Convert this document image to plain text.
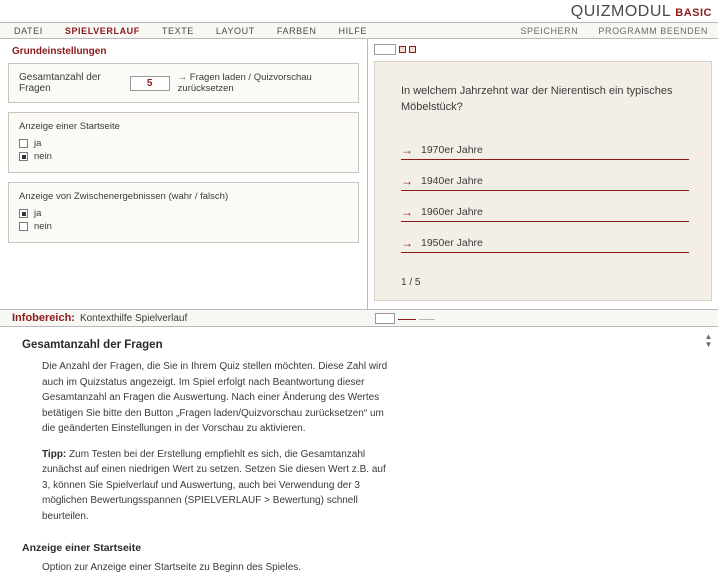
QUIZMODUL BASIC
DATEI SPIELVERLAUF TEXTE LAYOUT FARBEN HILFE	SPEICHERN PROGRAMM BEENDEN
Grundeinstellungen
Gesamtanzahl der Fragen
5
→ Fragen laden / Quizvorschau zurücksetzen
Anzeige einer Startseite
ja
nein
Anzeige von Zwischenergebnissen (wahr / falsch)
ja
nein
In welchem Jahrzehnt war der Nierentisch ein typisches Möbelstück?
→ 1970er Jahre
→ 1940er Jahre
→ 1960er Jahre
→ 1950er Jahre
1 / 5
Infobereich: Kontexthilfe Spielverlauf
Gesamtanzahl der Fragen
Die Anzahl der Fragen, die Sie in Ihrem Quiz stellen möchten. Diese Zahl wird auch im Quizstatus angezeigt. Im Spiel erfolgt nach Beantwortung dieser Gesamtanzahl an Fragen die Auswertung. Nach einer Änderung des Wertes betätigen Sie bitte den Button „Fragen laden/Quizvorschau zurücksetzen“ um die geänderten Einstellungen in der Vorschau zu aktivieren.
Tipp: Zum Testen bei der Erstellung empfiehlt es sich, die Gesamtanzahl zunächst auf einen niedrigen Wert zu setzen. Setzen Sie diesen Wert z.B. auf 3, können Sie Spielverlauf und Auswertung, auch bei Verwendung der 3 möglichen Bewertungsspannen (SPIELVERLAUF > Bewertung) schnell beurteilen.
Anzeige einer Startseite
Option zur Anzeige einer Startseite zu Beginn des Spieles.
▲
▼
